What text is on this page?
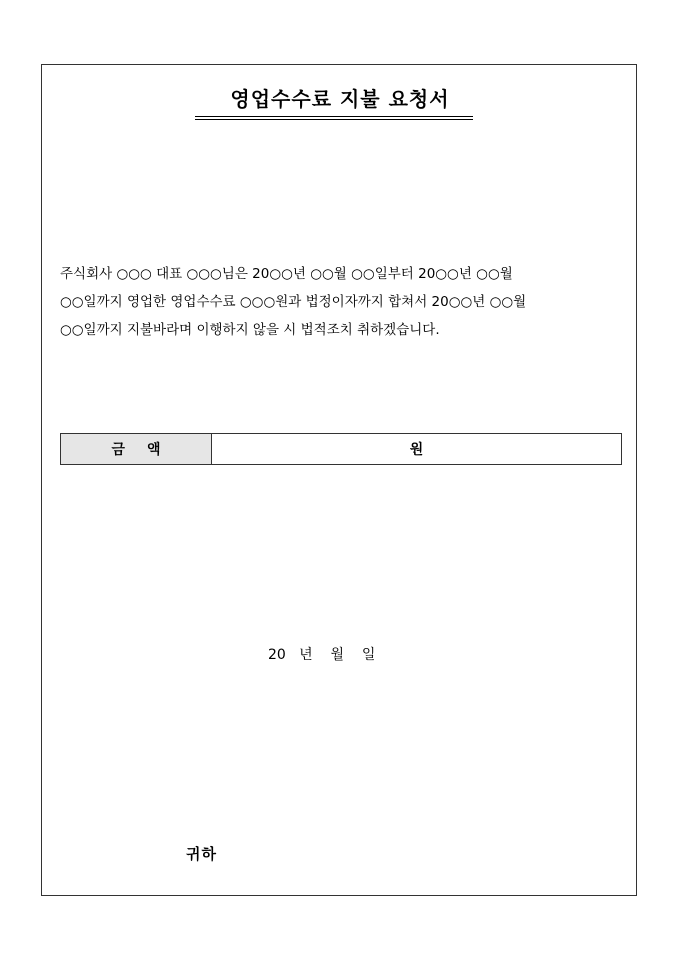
영업수수료 지불 요청서
주식회사 ○○○ 대표 ○○○님은 20○○년 ○○월 ○○일부터 20○○년 ○○월
○○일까지 영업한 영업수수료 ○○○원과 법정이자까지 합쳐서 20○○년 ○○월
○○일까지 지불바라며 이행하지 않을 시 법적조치 취하겠습니다.
금액	원
20   년    월    일
귀하
